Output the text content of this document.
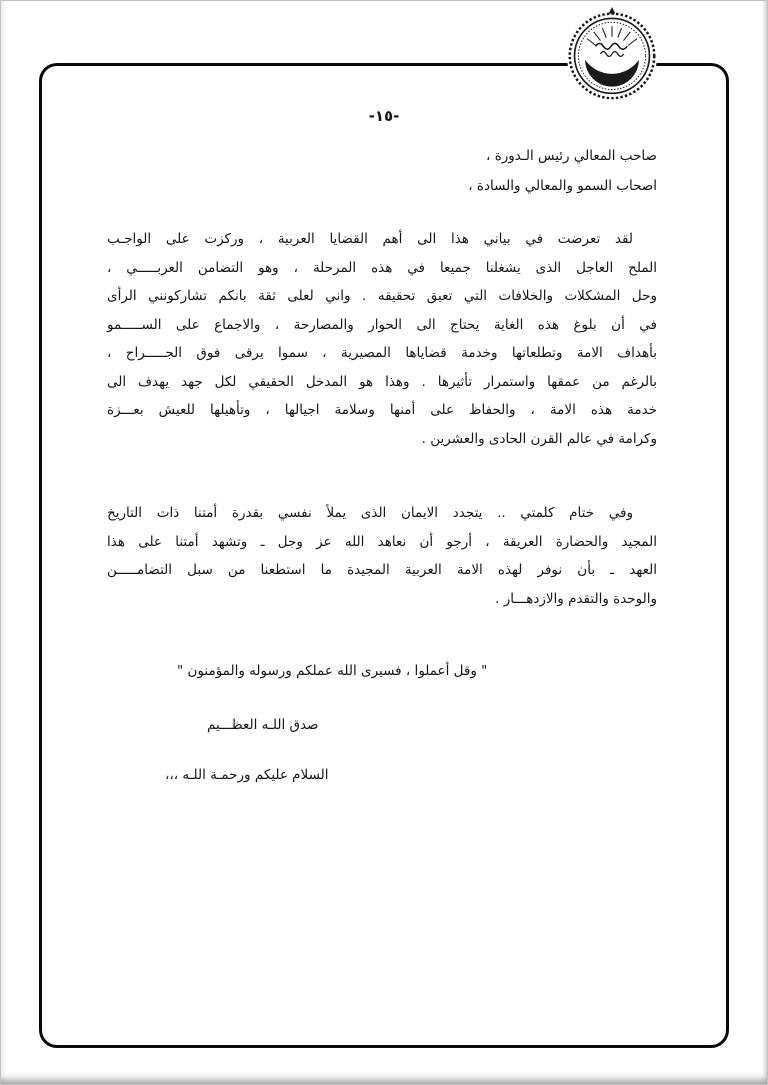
-١٥-
صاحب المعالي رئيس الـدورة ،
اصحاب السمو والمعالي والسادة ،
لقد تعرضت في بياني هذا الى أهم القضايا العربية ، وركزت على الواجـب
الملح العاجل الذى يشغلنا جميعا في هذه المرحلة ، وهو التضامن العربـــــي ،
وحل المشكلات والخلافات التي تعيق تحقيقه . واني لعلى ثقة بانكم تشاركونني الرأى
في أن بلوغ هذه الغاية يحتاج الى الحوار والمصارحة ، والاجماع على الســـــمو
بأهداف الامة وتطلعاتها وخدمة قضاياها المصيرية ، سموا يرقى فوق الجـــــراح ،
بالرغم من عمقها واستمرار تأثيرها . وهذا هو المدخل الحقيقي لكل جهد يهدف الى
خدمة هذه الامة ، والحفاظ على أمنها وسلامة اجيالها ، وتأهيلها للعيش بعـــزة
وكرامة في عالم القرن الحادى والعشرين .
وفي ختام كلمتي .. يتجدد الايمان الذى يملأ نفسي بقدرة أمتنا ذات التاريخ
المجيد والحضارة العريقة ، أرجو أن نعاهد الله عز وجل ـ وتشهد أمتنا على هذا
العهد ـ بأن نوفر لهذه الامة العربية المجيدة ما استطعنا من سبل التضامـــــن
والوحدة والتقدم والازدهـــار .
" وقل أعملوا ، فسيرى الله عملكم ورسوله والمؤمنون "
صدق اللـه العظـــيم
السلام عليكم ورحمـة اللـه ،،،
